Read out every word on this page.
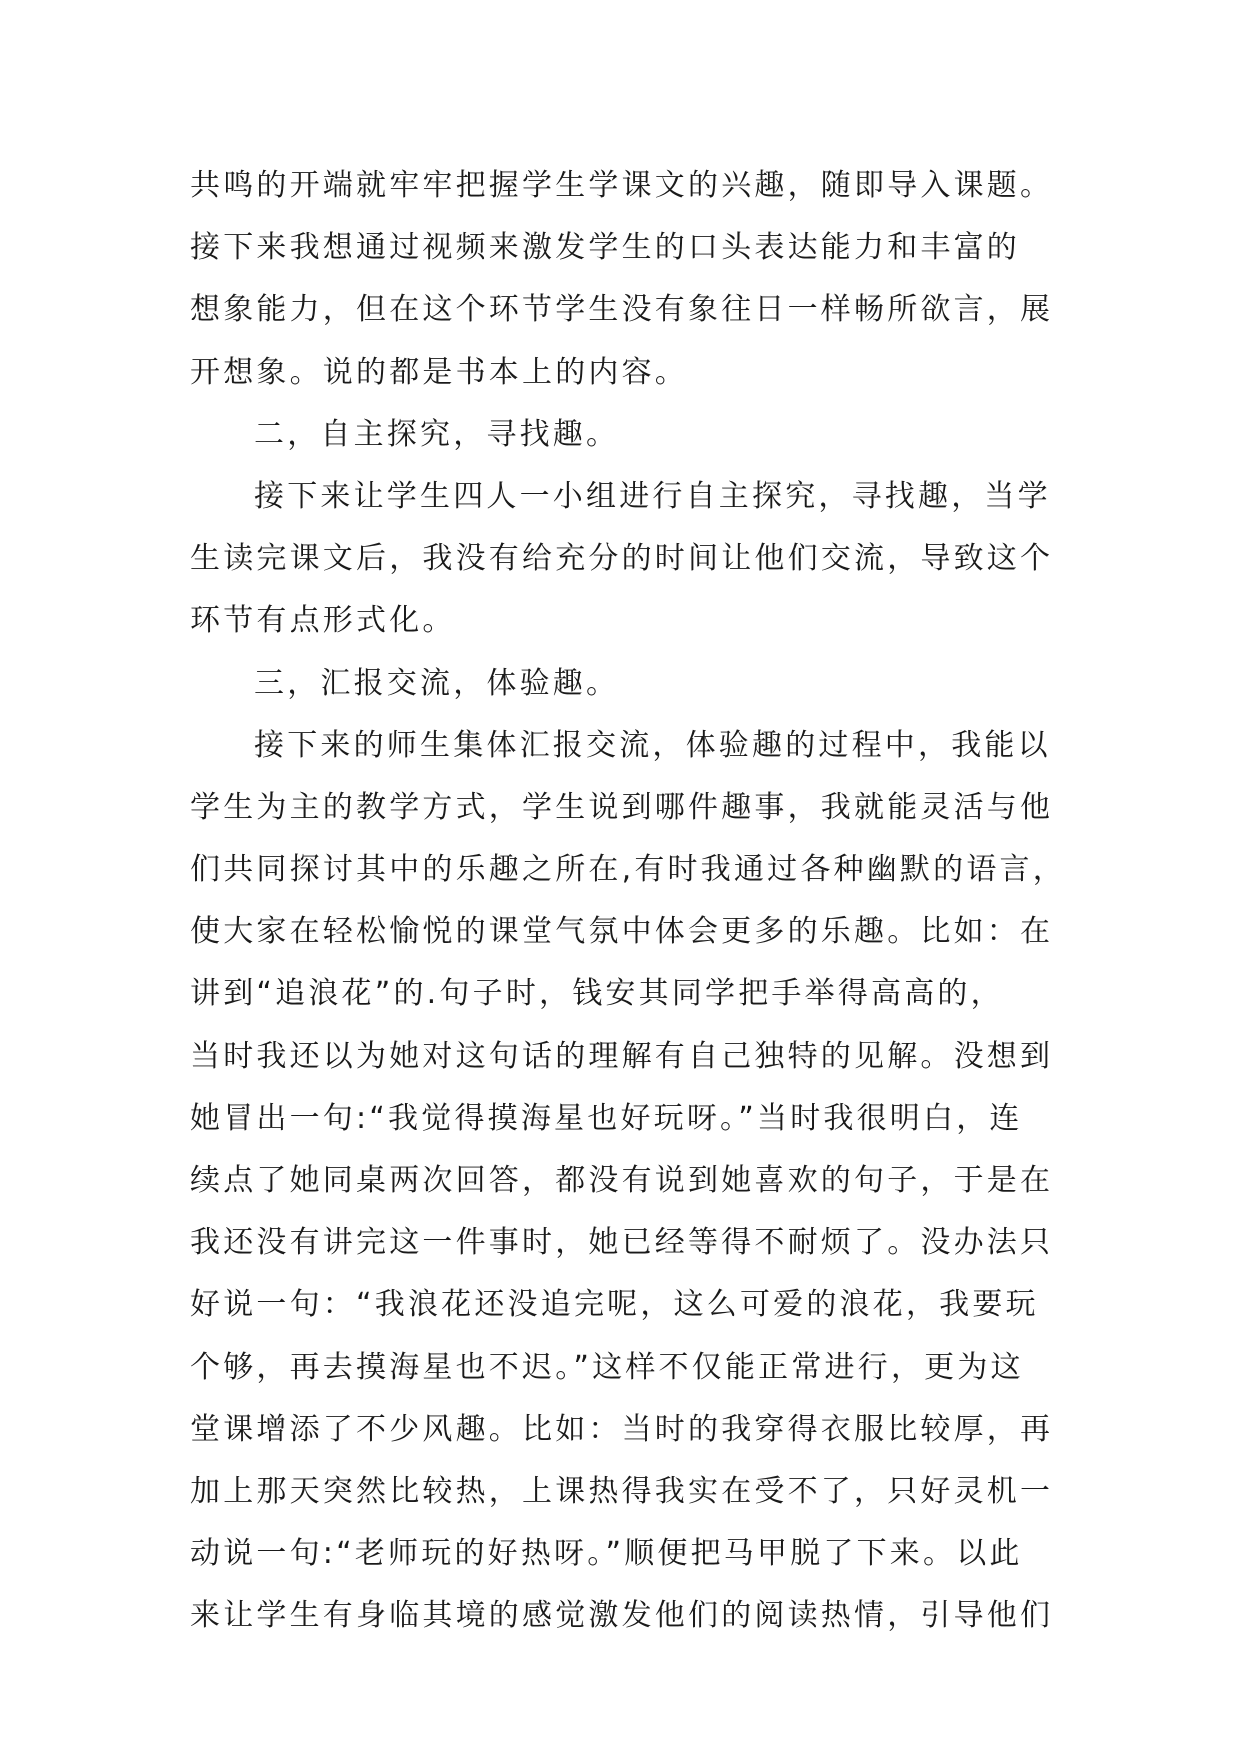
共鸣的开端就牢牢把握学生学课文的兴趣，随即导入课题。
接下来我想通过视频来激发学生的口头表达能力和丰富的
想象能力，但在这个环节学生没有象往日一样畅所欲言，展
开想象。说的都是书本上的内容。
二，自主探究，寻找趣。
接下来让学生四人一小组进行自主探究，寻找趣，当学
生读完课文后，我没有给充分的时间让他们交流，导致这个
环节有点形式化。
三，汇报交流，体验趣。
接下来的师生集体汇报交流，体验趣的过程中，我能以
学生为主的教学方式，学生说到哪件趣事，我就能灵活与他
们共同探讨其中的乐趣之所在,有时我通过各种幽默的语言，
使大家在轻松愉悦的课堂气氛中体会更多的乐趣。比如：在
讲到“追浪花”的.句子时，钱安其同学把手举得高高的，
当时我还以为她对这句话的理解有自己独特的见解。没想到
她冒出一句:“我觉得摸海星也好玩呀。”当时我很明白，连
续点了她同桌两次回答，都没有说到她喜欢的句子，于是在
我还没有讲完这一件事时，她已经等得不耐烦了。没办法只
好说一句：“我浪花还没追完呢，这么可爱的浪花，我要玩
个够，再去摸海星也不迟。”这样不仅能正常进行，更为这
堂课增添了不少风趣。比如：当时的我穿得衣服比较厚，再
加上那天突然比较热，上课热得我实在受不了，只好灵机一
动说一句:“老师玩的好热呀。”顺便把马甲脱了下来。以此
来让学生有身临其境的感觉激发他们的阅读热情，引导他们
